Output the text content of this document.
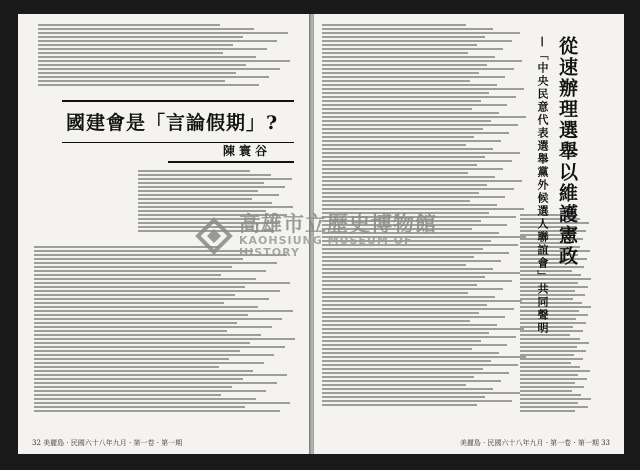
國建會是「言論假期」?
陳寰谷
32 美麗島 · 民國六十八年九月 · 第一卷 · 第一期	美麗島 · 民國六十八年九月 · 第一卷 · 第一期 33
從速辦理選舉以維護憲政
—「中央民意代表選舉黨外候選人聯誼會」共同聲明
高雄市立歷史博物館
KAOHSIUNG MUSEUM OF HISTORY
